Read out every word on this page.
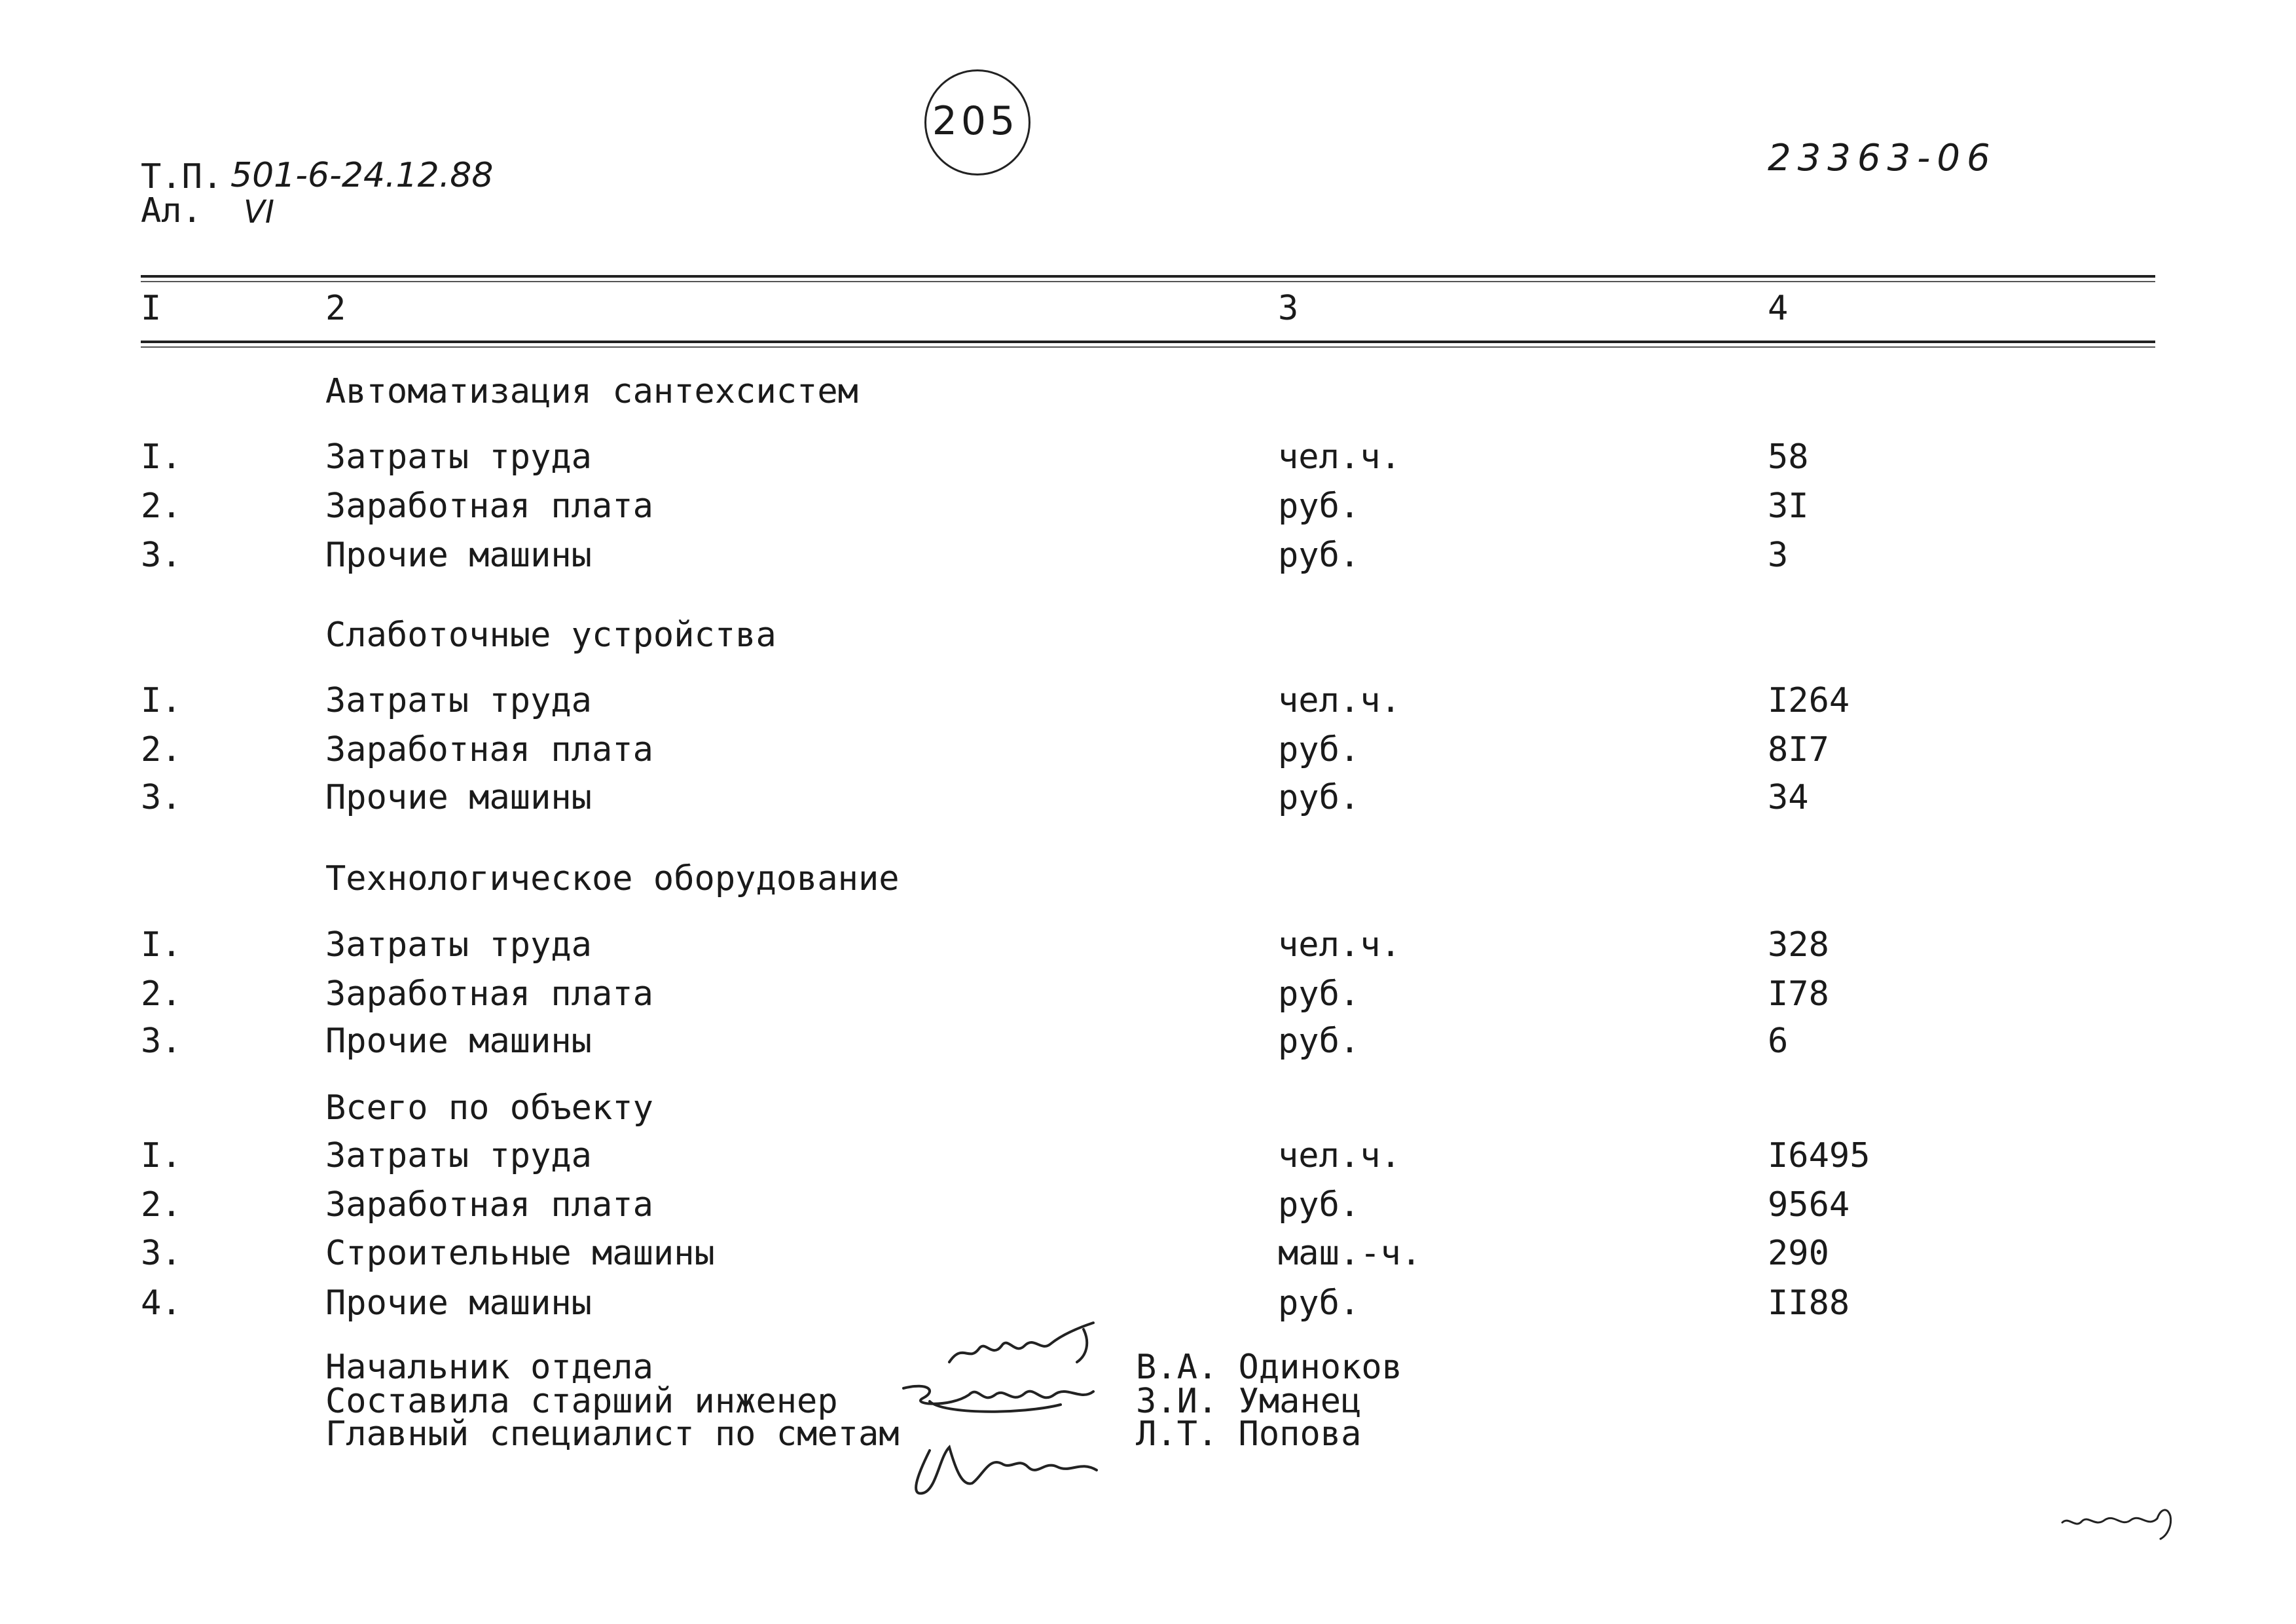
Т.П. 501-6-24.12.88
Ал. VI
205
23363-06
I	2	3	4
Автоматизация сантехсистем
I.	Затраты труда	чел.ч.	58
2.	Заработная плата	руб.	3I
3.	Прочие машины	руб.	3
Слаботочные устройства
I.	Затраты труда	чел.ч.	I264
2.	Заработная плата	руб.	8I7
3.	Прочие машины	руб.	34
Технологическое оборудование
I.	Затраты труда	чел.ч.	328
2.	Заработная плата	руб.	I78
3.	Прочие машины	руб.	6
Всего по объекту
I.	Затраты труда	чел.ч.	I6495
2.	Заработная плата	руб.	9564
3.	Строительные машины	маш.-ч.	290
4.	Прочие машины	руб.	II88
Начальник отдела	В.А. Одиноков
Составила старший инженер	З.И. Уманец
Главный специалист по сметам	Л.Т. Попова
